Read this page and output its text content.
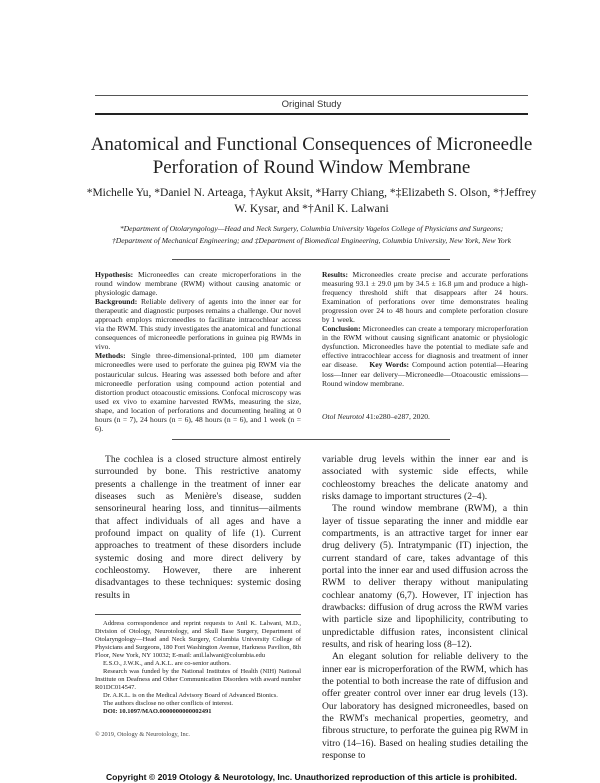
Original Study
Anatomical and Functional Consequences of Microneedle Perforation of Round Window Membrane
*Michelle Yu, *Daniel N. Arteaga, †Aykut Aksit, *Harry Chiang, *‡Elizabeth S. Olson, *†Jeffrey W. Kysar, and *†Anil K. Lalwani
*Department of Otolaryngology—Head and Neck Surgery, Columbia University Vagelos College of Physicians and Surgeons;
†Department of Mechanical Engineering; and ‡Department of Biomedical Engineering, Columbia University, New York, New York

Hypothesis: Microneedles can create microperforations in the round window membrane (RWM) without causing anatomic or physiologic damage.

Background: Reliable delivery of agents into the inner ear for therapeutic and diagnostic purposes remains a challenge. Our novel approach employs microneedles to facilitate intracochlear access via the RWM. This study investigates the anatomical and functional consequences of microneedle perforations in guinea pig RWMs in vivo.

Methods: Single three-dimensional-printed, 100 µm diameter microneedles were used to perforate the guinea pig RWM via the postauricular sulcus. Hearing was assessed both before and after microneedle perforation using compound action potential and distortion product otoacoustic emissions. Confocal microscopy was used ex vivo to examine harvested RWMs, measuring the size, shape, and location of perforations and documenting healing at 0 hours (n = 7), 24 hours (n = 6), 48 hours (n = 6), and 1 week (n = 6).

Results: Microneedles create precise and accurate perforations measuring 93.1 ± 29.0 µm by 34.5 ± 16.8 µm and produce a high-frequency threshold shift that disappears after 24 hours. Examination of perforations over time demonstrates healing progression over 24 to 48 hours and complete perforation closure by 1 week.

Conclusion: Microneedles can create a temporary microperforation in the RWM without causing significant anatomic or physiologic dysfunction. Microneedles have the potential to mediate safe and effective intracochlear access for diagnosis and treatment of inner ear disease. Key Words: Compound action potential—Hearing loss—Inner ear delivery—Microneedle—Otoacoustic emissions—Round window membrane.

Otol Neurotol 41:e280–e287, 2020.

The cochlea is a closed structure almost entirely surrounded by bone. This restrictive anatomy presents a challenge in the treatment of inner ear diseases such as Menière's disease, sudden sensorineural hearing loss, and tinnitus—ailments that affect individuals of all ages and have a profound impact on quality of life (1). Current approaches to treatment of these disorders include systemic dosing and more direct delivery by cochleostomy. However, there are inherent disadvantages to these techniques: systemic dosing results in

Address correspondence and reprint requests to Anil K. Lalwani, M.D., Division of Otology, Neurotology, and Skull Base Surgery, Department of Otolaryngology—Head and Neck Surgery, Columbia University College of Physicians and Surgeons, 180 Fort Washington Avenue, Harkness Pavilion, 8th Floor, New York, NY 10032; E-mail: anil.lalwani@columbia.edu

E.S.O., J.W.K., and A.K.L. are co-senior authors.

Research was funded by the National Institutes of Health (NIH) National Institute on Deafness and Other Communication Disorders with award number R01DC014547.

Dr. A.K.L. is on the Medical Advisory Board of Advanced Bionics.

The authors disclose no other conflicts of interest.

DOI: 10.1097/MAO.0000000000002491

© 2019, Otology & Neurotology, Inc.

variable drug levels within the inner ear and is associated with systemic side effects, while cochleostomy breaches the delicate anatomy and risks damage to important structures (2–4).

The round window membrane (RWM), a thin layer of tissue separating the inner and middle ear compartments, is an attractive target for inner ear drug delivery (5). Intratympanic (IT) injection, the current standard of care, takes advantage of this portal into the inner ear and used diffusion across the RWM to deliver therapy without manipulating cochlear anatomy (6,7). However, IT injection has drawbacks: diffusion of drug across the RWM varies with particle size and lipophilicity, contributing to unpredictable diffusion rates, inconsistent clinical results, and risk of hearing loss (8–12).

An elegant solution for reliable delivery to the inner ear is microperforation of the RWM, which has the potential to both increase the rate of diffusion and offer greater control over inner ear drug levels (13). Our laboratory has designed microneedles, based on the RWM's mechanical properties, geometry, and fibrous structure, to perforate the guinea pig RWM in vitro (14–16). Based on healing studies detailing the response to

Copyright © 2019 Otology & Neurotology, Inc. Unauthorized reproduction of this article is prohibited.
